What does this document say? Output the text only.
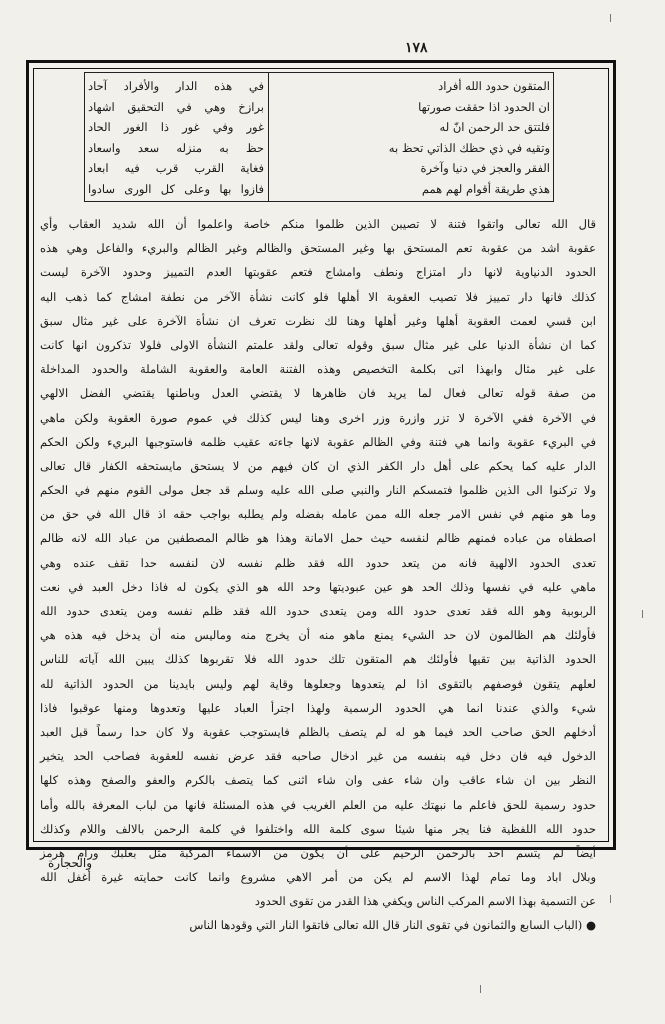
١٧٨
المتقون حدود الله أفراد
ان الحدود اذا حققت صورتها
فلتتق حد الرحمن انّ له
وتقيه في ذي حظك الذاتي تحظ به
الفقر والعجز في دنيا وآخرة
هذي طريقة أقوام لهم همم
في هذه الدار والأفراد آحاد
برازخ وهي في التحقيق اشهاد
غور وفي غور ذا الغور الحاد
حظ به منزله سعد واسعاد
فغاية القرب قرب فيه ابعاد
فازوا بها وعلى كل الورى سادوا
قال الله تعالى واتقوا فتنة لا تصيبن الذين ظلموا منكم خاصة واعلموا أن الله شديد العقاب وأي
عقوبة اشد من عقوبة تعم المستحق بها وغير المستحق والظالم وغير الظالم والبريء والفاعل وهي هذه
الحدود الدنياوية لانها دار امتزاج ونطف وامشاج فتعم عقوبتها العدم التمييز وحدود الآخرة ليست
كذلك فانها دار تمييز فلا تصيب العقوبة الا أهلها فلو كانت نشأة الآخر من نطفة امشاج كما ذهب اليه
ابن قسي لعمت العقوبة أهلها وغير أهلها وهنا لك نظرت تعرف ان نشأة الآخرة على غير مثال سبق
كما ان نشأة الدنيا على غير مثال سبق وقوله تعالى ولقد علمتم النشأة الاولى فلولا تذكرون انها كانت
على غير مثال وابهذا اتى بكلمة التخصيص وهذه الفتنة العامة والعقوبة الشاملة والحدود المداخلة
من صفة قوله تعالى فعال لما يريد فان ظاهرها لا يقتضي العدل وباطنها يقتضي الفضل الالهي
في الآخرة ففي الآخرة لا تزر وازرة وزر اخرى وهنا ليس كذلك في عموم صورة العقوبة ولكن ماهي
في البريء عقوبة وانما هي فتنة وفي الظالم عقوبة لانها جاءته عقيب ظلمه فاستوجبها البريء ولكن الحكم
الدار عليه كما يحكم على أهل دار الكفر الذي ان كان فيهم من لا يستحق مايستحقه الكفار قال تعالى
ولا تركنوا الى الذين ظلموا فتمسكم النار والنبي صلى الله عليه وسلم قد جعل مولى القوم منهم في الحكم
وما هو منهم في نفس الامر جعله الله ممن عامله بفضله ولم يطلبه بواجب حقه اذ قال الله في حق من
اصطفاه من عباده فمنهم ظالم لنفسه حيث حمل الامانة وهذا هو ظالم المصطفين من عباد الله لانه ظالم
تعدى الحدود الالهية فانه من يتعد حدود الله فقد ظلم نفسه لان لنفسه حدا تقف عنده وهي
ماهي عليه في نفسها وذلك الحد هو عين عبوديتها وحد الله هو الذي يكون له فاذا دخل العبد في نعت
الربوبية وهو الله فقد تعدى حدود الله ومن يتعدى حدود الله فقد ظلم نفسه ومن يتعدى حدود الله
فأولئك هم الظالمون لان حد الشيء يمنع ماهو منه أن يخرج منه وماليس منه أن يدخل فيه هذه هي
الحدود الذاتية بين تقيها فأولئك هم المتقون تلك حدود الله فلا تقربوها كذلك يبين الله آياته للناس
لعلهم يتقون فوصفهم بالتقوى اذا لم يتعدوها وجعلوها وقاية لهم وليس بايدينا من الحدود الذاتية لله
شيء والذي عندنا انما هي الحدود الرسمية ولهذا اجترأ العباد عليها وتعدوها ومنها عوقبوا فاذا
أدخلهم الحق صاحب الحد فيما هو له لم يتصف بالظلم فايستوجب عقوبة ولا كان حدا رسماً قبل العبد
الدخول فيه فان دخل فيه بنفسه من غير ادخال صاحبه فقد عرض نفسه للعقوبة فصاحب الحد يتخير
النظر بين ان شاء عاقب وان شاء عفى وان شاء اثنى كما يتصف بالكرم والعفو والصفح وهذه كلها
حدود رسمية للحق فاعلم ما نبهتك عليه من العلم الغريب في هذه المسئلة فانها من لباب المعرفة بالله وأما
حدود الله اللفظية فنا يجر منها شيئا سوى كلمة الله واختلفوا في كلمة الرحمن بالالف واللام وكذلك
أيضاً لم يتسم احد بالرحمن الرحيم على أن يكون من الاسماء المركبة مثل بعلبك ورام هرمز
وبلال اباد وما تمام لهذا الاسم لم يكن من أمر الاهي مشروع وانما كانت حمايته غيرة أغفل الله
عن التسمية بهذا الاسم المركب الناس ويكفي هذا القدر من تقوى الحدود
● (الباب السابع والثمانون في تقوى النار قال الله تعالى فاتقوا النار التي وقودها الناس
والحجارة
